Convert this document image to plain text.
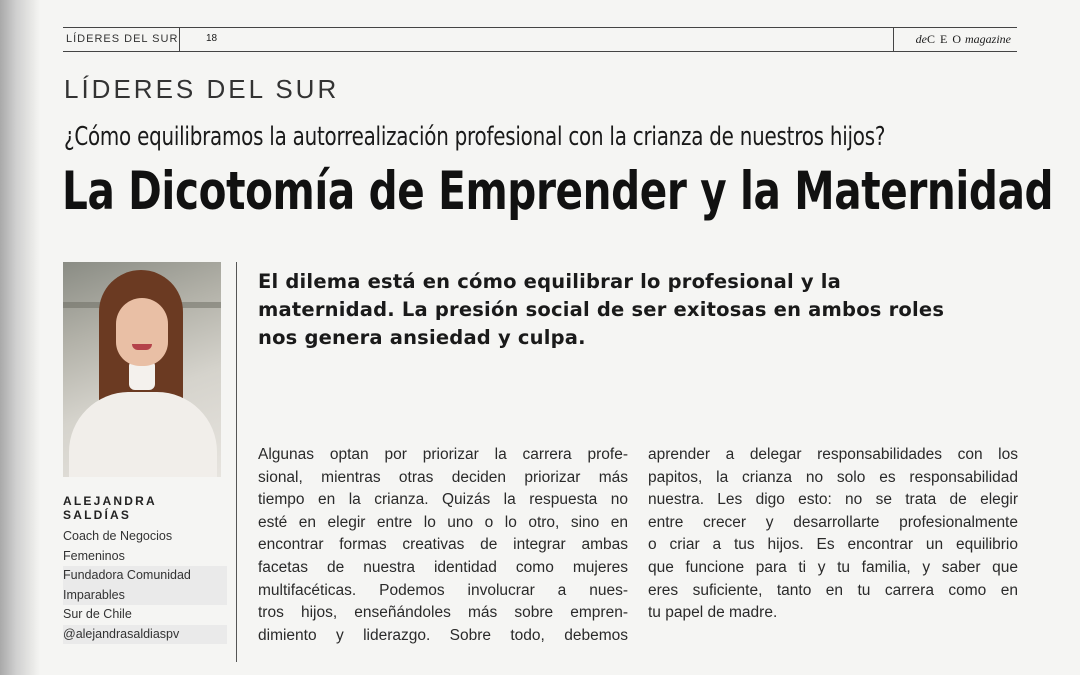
LÍDERES DEL SUR	18	deC E O magazine
LÍDERES DEL SUR
¿Cómo equilibramos la autorrealización profesional con la crianza de nuestros hijos?
La Dicotomía de Emprender y la Maternidad
ALEJANDRA SALDÍAS
Coach de Negocios
Femeninos
Fundadora Comunidad
Imparables
Sur de Chile
@alejandrasaldiaspv
El dilema está en cómo equilibrar lo profesional y la
maternidad. La presión social de ser exitosas en ambos roles
nos genera ansiedad y culpa.
Algunas optan por priorizar la carrera profe-
sional, mientras otras deciden priorizar más
tiempo en la crianza. Quizás la respuesta no
esté en elegir entre lo uno o lo otro, sino en
encontrar formas creativas de integrar ambas
facetas de nuestra identidad como mujeres
multifacéticas. Podemos involucrar a nues-
tros hijos, enseñándoles más sobre empren-
dimiento y liderazgo. Sobre todo, debemos
aprender a delegar responsabilidades con los
papitos, la crianza no solo es responsabilidad
nuestra. Les digo esto: no se trata de elegir
entre crecer y desarrollarte profesionalmente
o criar a tus hijos. Es encontrar un equilibrio
que funcione para ti y tu familia, y saber que
eres suficiente, tanto en tu carrera como en
tu papel de madre.
